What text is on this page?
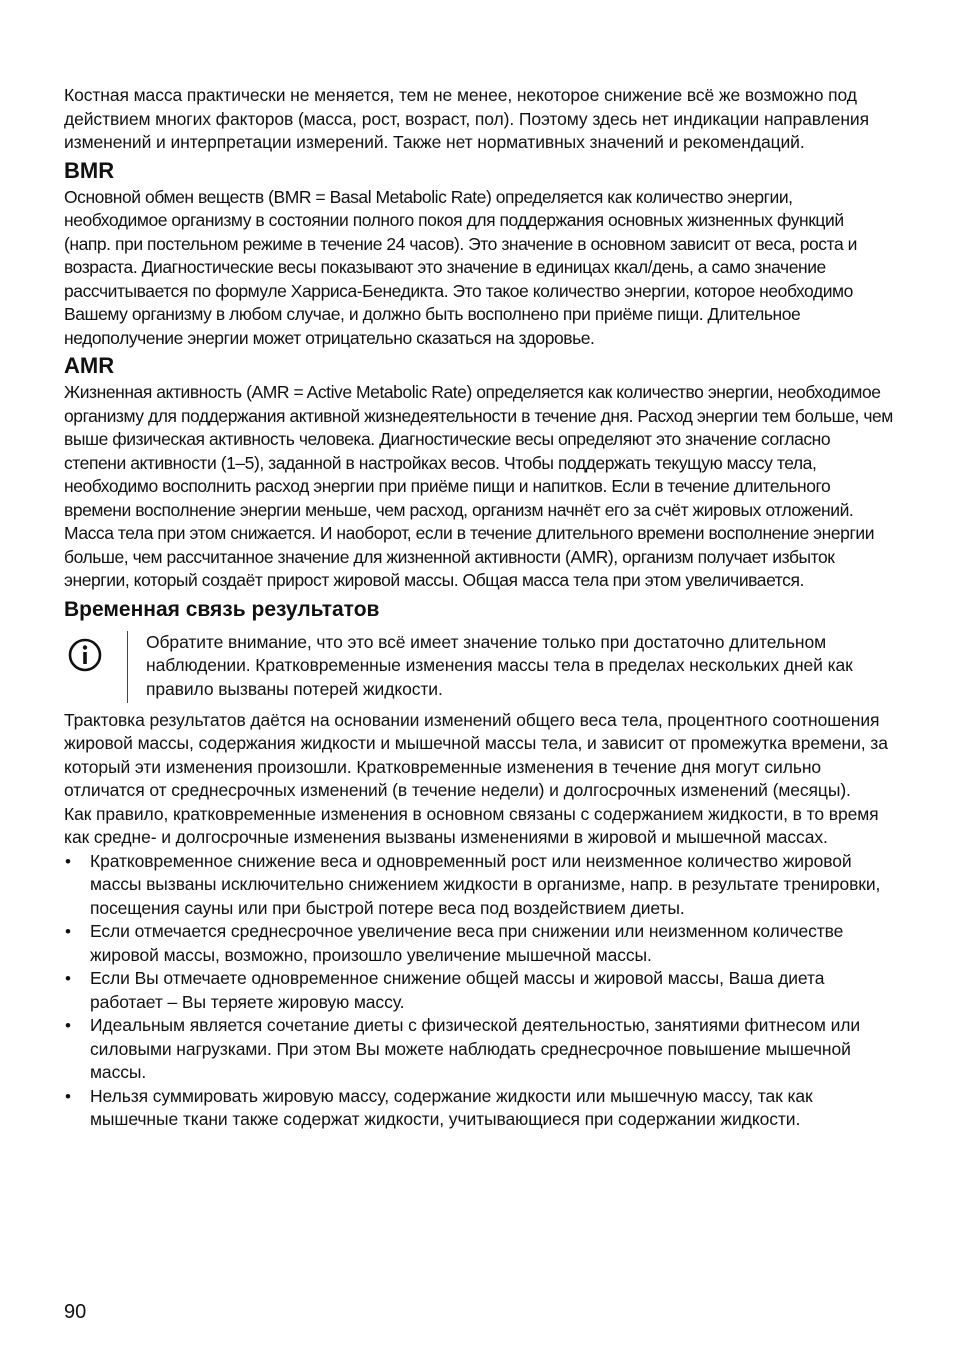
Костная масса практически не меняется, тем не менее, некоторое снижение всё же возможно под действием многих факторов (масса, рост, возраст, пол). Поэтому здесь нет индикации направления изменений и интерпретации измерений. Также нет нормативных значений и рекомендаций.

BMR

Основной обмен веществ (BMR = Basal Metabolic Rate) определяется как количество энергии, необходимое организму в состоянии полного покоя для поддержания основных жизненных функций (напр. при постельном режиме в течение 24 часов). Это значение в основном зависит от веса, роста и возраста. Диагностические весы показывают это значение в единицах ккал/день, а само значение рассчитывается по формуле Харриса-Бенедикта. Это такое количество энергии, которое необходимо Вашему организму в любом случае, и должно быть восполнено при приёме пищи. Длительное недополучение энергии может отрицательно сказаться на здоровье.

AMR

Жизненная активность (AMR = Active Metabolic Rate) определяется как количество энергии, необходимое организму для поддержания активной жизнедеятельности в течение дня. Расход энергии тем больше, чем выше физическая активность человека. Диагностические весы определяют это значение согласно степени активности (1–5), заданной в настройках весов. Чтобы поддержать текущую массу тела, необходимо восполнить расход энергии при приёме пищи и напитков. Если в течение длительного времени восполнение энергии меньше, чем расход, организм начнёт его за счёт жировых отложений. Масса тела при этом снижается. И наоборот, если в течение длительного времени восполнение энергии больше, чем рассчитанное значение для жизненной активности (AMR), организм получает избыток энергии, который создаёт прирост жировой массы. Общая масса тела при этом увеличивается.

Временная связь результатов

Обратите внимание, что это всё имеет значение только при достаточно длительном наблюдении. Кратковременные изменения массы тела в пределах нескольких дней как правило вызваны потерей жидкости.

Трактовка результатов даётся на основании изменений общего веса тела, процентного соотношения жировой массы, содержания жидкости и мышечной массы тела, и зависит от промежутка времени, за который эти изменения произошли. Кратковременные изменения в течение дня могут сильно отличатся от среднесрочных изменений (в течение недели) и долгосрочных изменений (месяцы).

Как правило, кратковременные изменения в основном связаны с содержанием жидкости, в то время как средне- и долгосрочные изменения вызваны изменениями в жировой и мышечной массах.

• Кратковременное снижение веса и одновременный рост или неизменное количество жировой массы вызваны исключительно снижением жидкости в организме, напр. в результате тренировки, посещения сауны или при быстрой потере веса под воздействием диеты.
• Если отмечается среднесрочное увеличение веса при снижении или неизменном количестве жировой массы, возможно, произошло увеличение мышечной массы.
• Если Вы отмечаете одновременное снижение общей массы и жировой массы, Ваша диета работает – Вы теряете жировую массу.
• Идеальным является сочетание диеты с физической деятельностью, занятиями фитнесом или силовыми нагрузками. При этом Вы можете наблюдать среднесрочное повышение мышечной массы.
• Нельзя суммировать жировую массу, содержание жидкости или мышечную массу, так как мышечные ткани также содержат жидкости, учитывающиеся при содержании жидкости.
90
